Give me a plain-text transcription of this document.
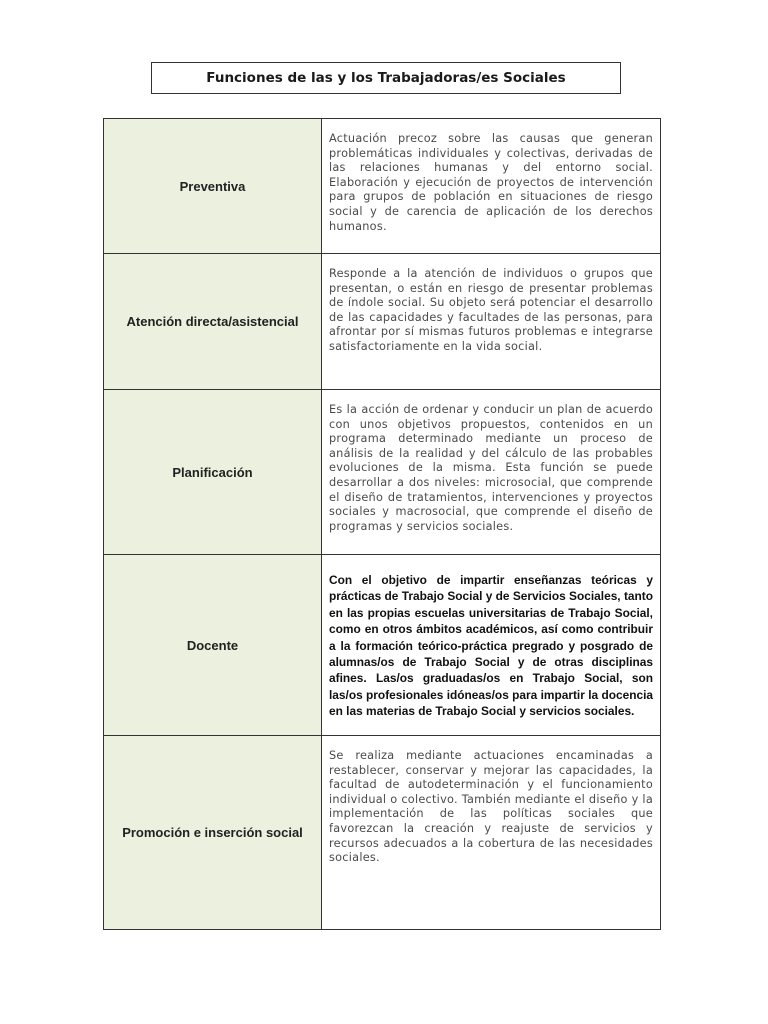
Funciones de las y los Trabajadoras/es Sociales
Preventiva	Actuación precoz sobre las causas que generan problemáticas individuales y colectivas, derivadas de las relaciones humanas y del entorno social. Elaboración y ejecución de proyectos de intervención para grupos de población en situaciones de riesgo social y de carencia de aplicación de los derechos humanos.

Atención directa/asistencial	Responde a la atención de individuos o grupos que presentan, o están en riesgo de presentar problemas de índole social. Su objeto será potenciar el desarrollo de las capacidades y facultades de las personas, para afrontar por sí mismas futuros problemas e integrarse satisfactoriamente en la vida social.

Planificación	Es la acción de ordenar y conducir un plan de acuerdo con unos objetivos propuestos, contenidos en un programa determinado mediante un proceso de análisis de la realidad y del cálculo de las probables evoluciones de la misma. Esta función se puede desarrollar a dos niveles: microsocial, que comprende el diseño de tratamientos, intervenciones y proyectos sociales y macrosocial, que comprende el diseño de programas y servicios sociales.

Docente	Con el objetivo de impartir enseñanzas teóricas y prácticas de Trabajo Social y de Servicios Sociales, tanto en las propias escuelas universitarias de Trabajo Social, como en otros ámbitos académicos, así como contribuir a la formación teórico-práctica pregrado y posgrado de alumnas/os de Trabajo Social y de otras disciplinas afines. Las/os graduadas/os en Trabajo Social, son las/os profesionales idóneas/os para impartir la docencia en las materias de Trabajo Social y servicios sociales.

Promoción e inserción social	Se realiza mediante actuaciones encaminadas a restablecer, conservar y mejorar las capacidades, la facultad de autodeterminación y el funcionamiento individual o colectivo. También mediante el diseño y la implementación de las políticas sociales que favorezcan la creación y reajuste de servicios y recursos adecuados a la cobertura de las necesidades sociales.
